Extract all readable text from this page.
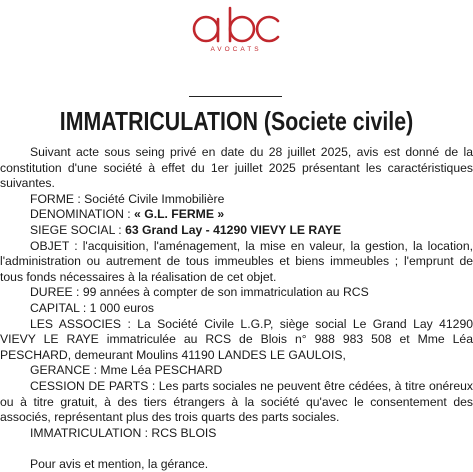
AVOCATS
IMMATRICULATION (Societe civile)

Suivant acte sous seing privé en date du 28 juillet 2025, avis est donné de la constitution d'une société à effet du 1er juillet 2025 présentant les caractéristiques suivantes.

FORME : Société Civile Immobilière

DENOMINATION : « G.L. FERME »

SIEGE SOCIAL : 63 Grand Lay - 41290 VIEVY LE RAYE

OBJET : l'acquisition, l'aménagement, la mise en valeur, la gestion, la location, l'administration ou autrement de tous immeubles et biens immeubles ; l'emprunt de tous fonds nécessaires à la réalisation de cet objet.

DUREE : 99 années à compter de son immatriculation au RCS

CAPITAL : 1 000 euros

LES ASSOCIES : La Société Civile L.G.P, siège social Le Grand Lay 41290 VIEVY LE RAYE immatriculée au RCS de Blois n° 988 983 508 et Mme Léa PESCHARD, demeurant Moulins 41190 LANDES LE GAULOIS,

GERANCE : Mme Léa PESCHARD

CESSION DE PARTS : Les parts sociales ne peuvent être cédées, à titre onéreux ou à titre gratuit, à des tiers étrangers à la société qu'avec le consentement des associés, représentant plus des trois quarts des parts sociales.

IMMATRICULATION : RCS BLOIS

Pour avis et mention, la gérance.
